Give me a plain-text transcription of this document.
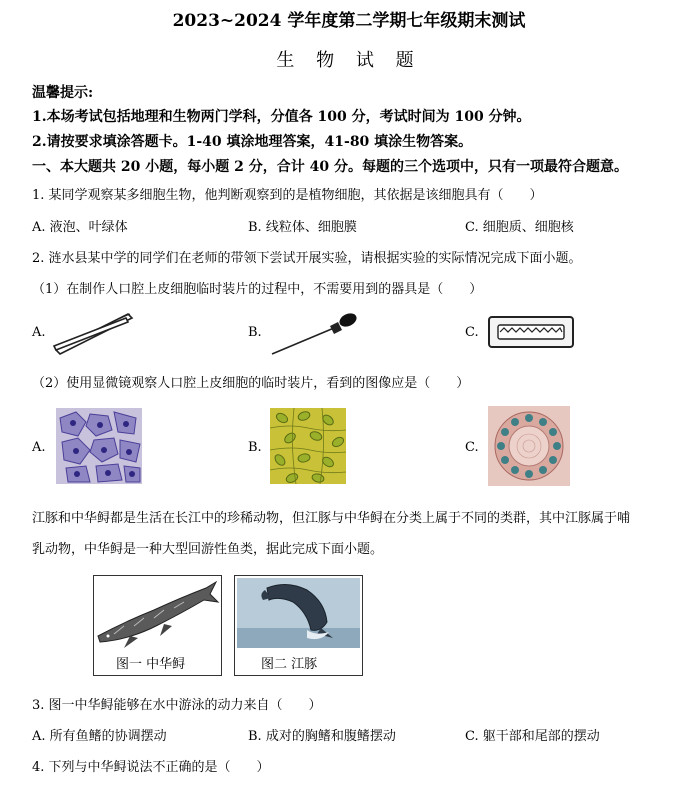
2023~2024 学年度第二学期七年级期末测试
生 物 试 题
温馨提示:
1.本场考试包括地理和生物两门学科，分值各 100 分，考试时间为 100 分钟。
2.请按要求填涂答题卡。1-40 填涂地理答案，41-80 填涂生物答案。
一、本大题共 20 小题，每小题 2 分，合计 40 分。每题的三个选项中，只有一项最符合题意。
1. 某同学观察某多细胞生物，他判断观察到的是植物细胞，其依据是该细胞具有（　　）
A. 液泡、叶绿体	B. 线粒体、细胞膜	C. 细胞质、细胞核
2. 涟水县某中学的同学们在老师的带领下尝试开展实验，请根据实验的实际情况完成下面小题。
（1）在制作人口腔上皮细胞临时装片的过程中，不需要用到的器具是（　　）
A.	B.	C.
（2）使用显微镜观察人口腔上皮细胞的临时装片，看到的图像应是（　　）
A.	B.	C.
江豚和中华鲟都是生活在长江中的珍稀动物，但江豚与中华鲟在分类上属于不同的类群，其中江豚属于哺
乳动物，中华鲟是一种大型回游性鱼类，据此完成下面小题。
图一 中华鲟	图二 江豚
3. 图一中华鲟能够在水中游泳的动力来自（　　）
A. 所有鱼鳍的协调摆动	B. 成对的胸鳍和腹鳍摆动	C. 躯干部和尾部的摆动
4. 下列与中华鲟说法不正确的是（　　）
